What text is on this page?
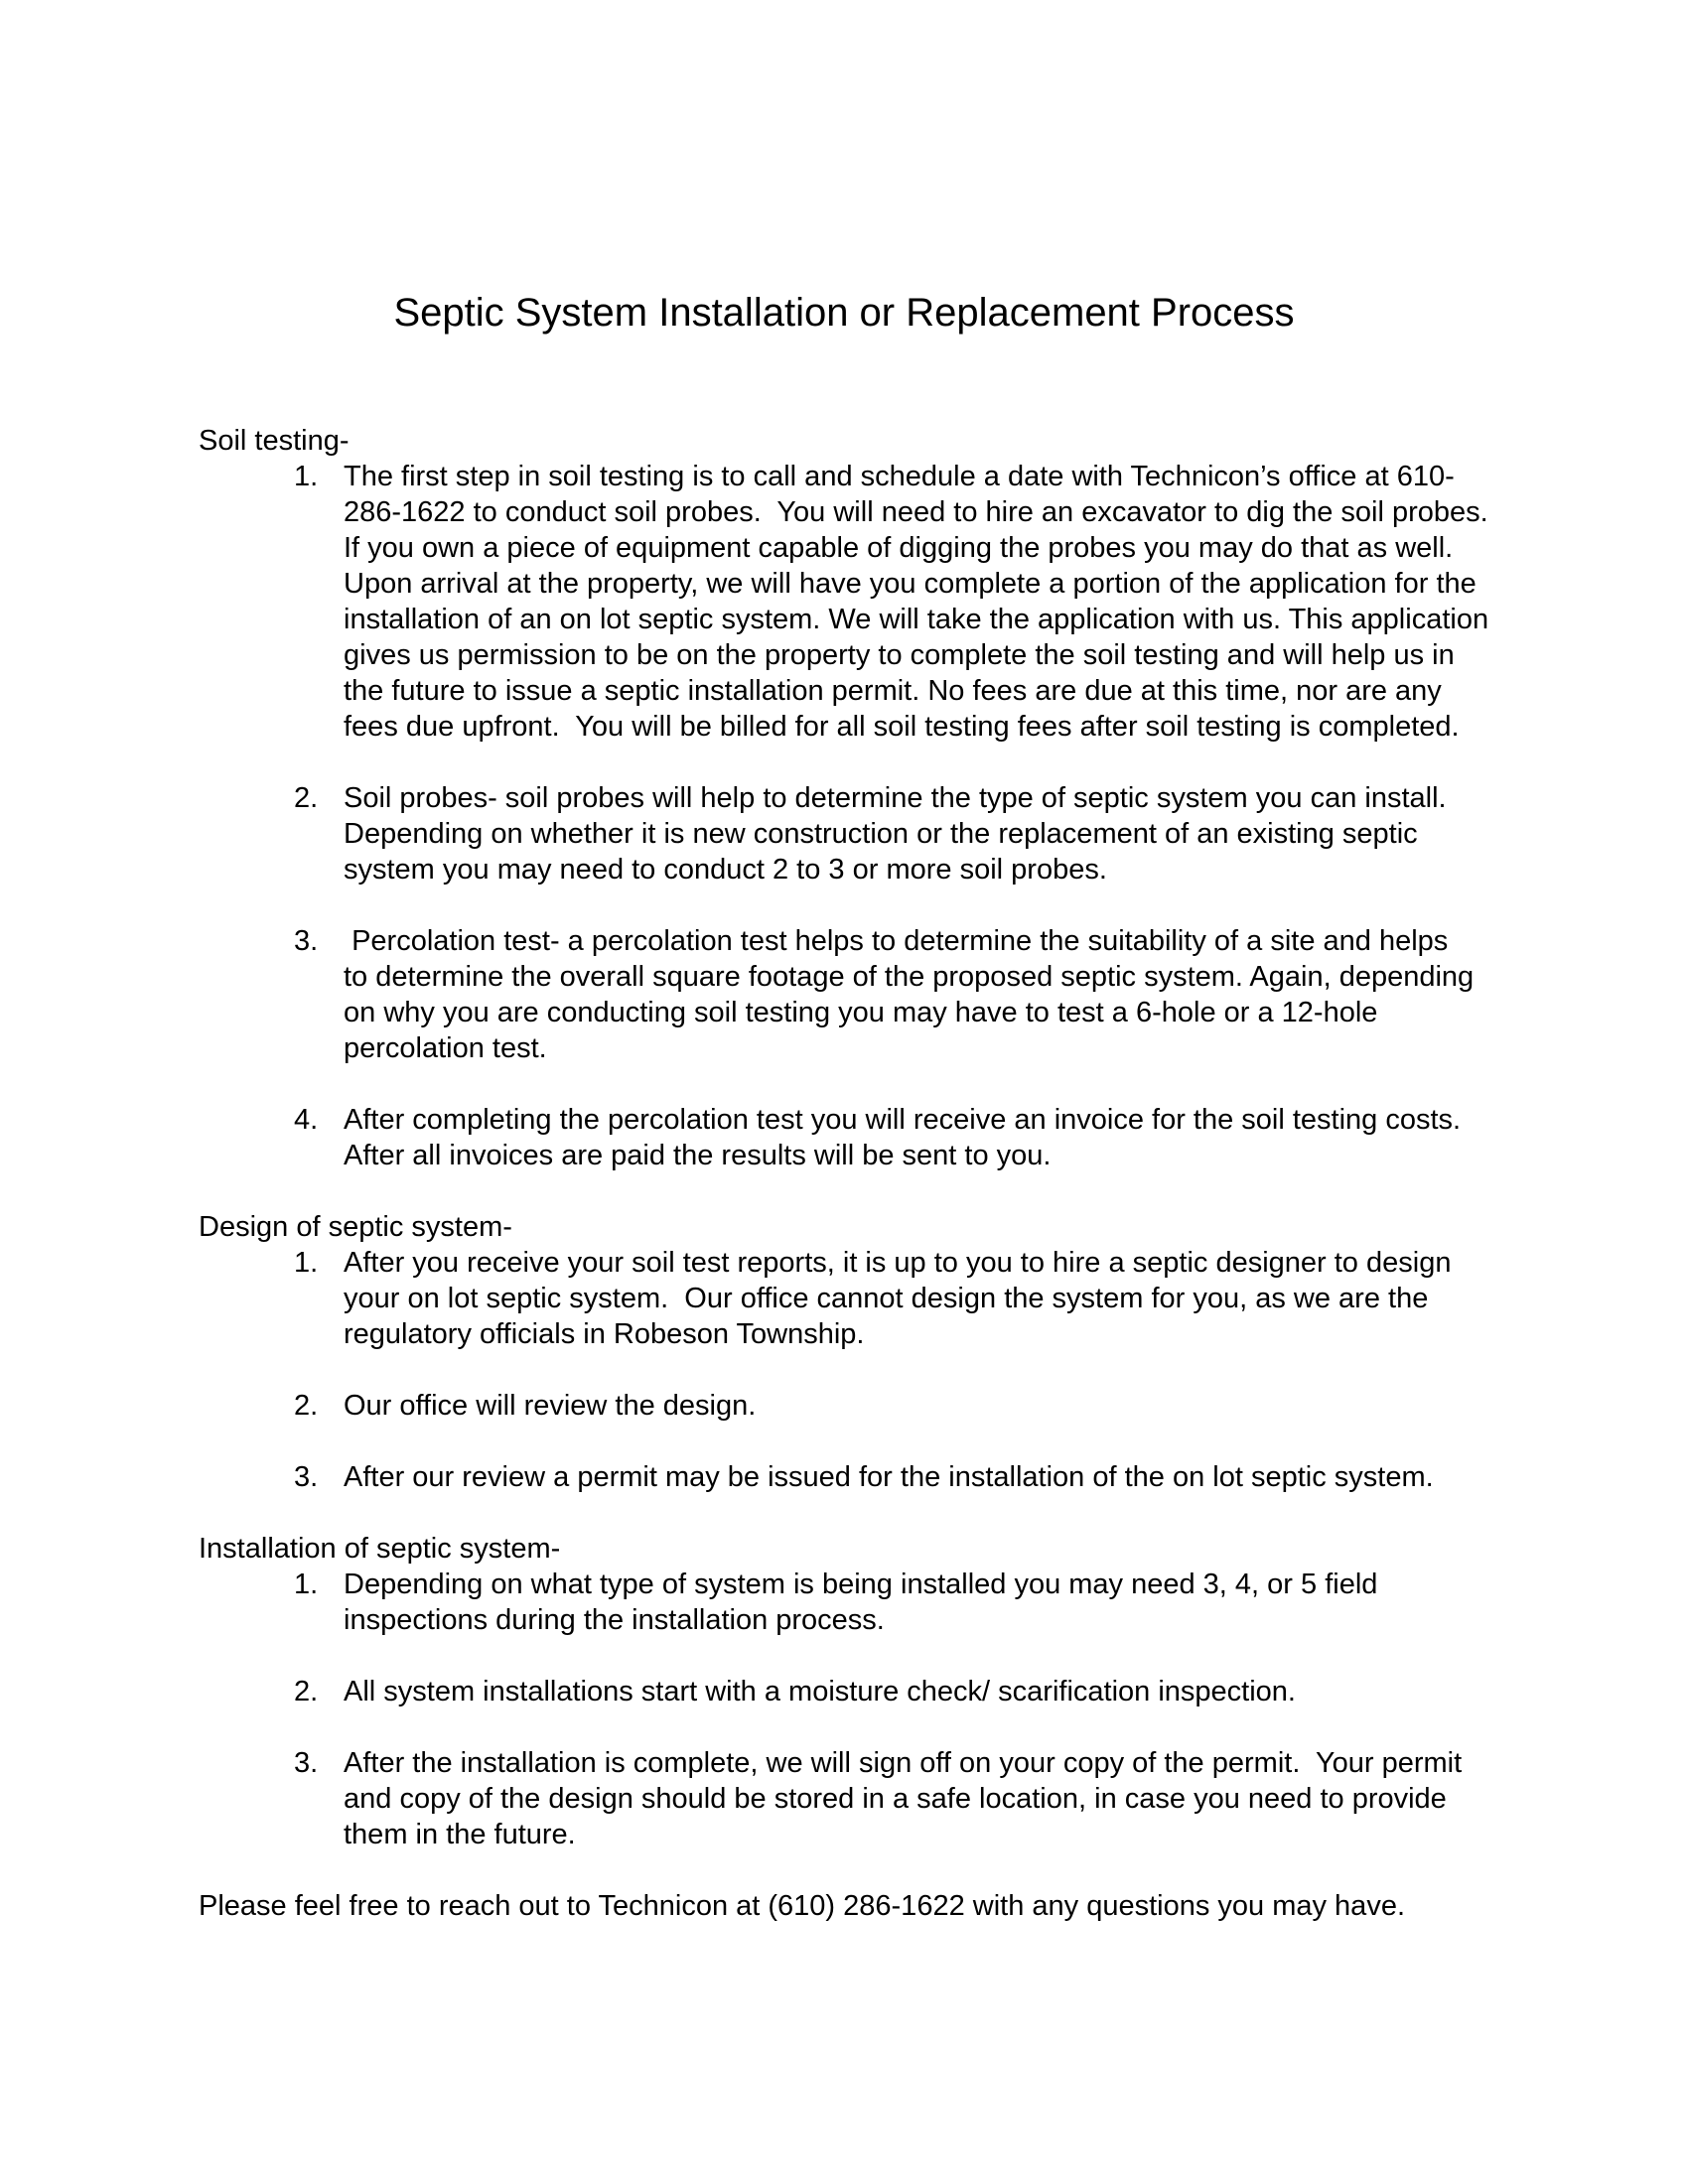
Septic System Installation or Replacement Process
Soil testing-
1. The first step in soil testing is to call and schedule a date with Technicon’s office at 610-286-1622 to conduct soil probes.  You will need to hire an excavator to dig the soil probes. If you own a piece of equipment capable of digging the probes you may do that as well.  Upon arrival at the property, we will have you complete a portion of the application for the installation of an on lot septic system. We will take the application with us. This application gives us permission to be on the property to complete the soil testing and will help us in the future to issue a septic installation permit. No fees are due at this time, nor are any fees due upfront.  You will be billed for all soil testing fees after soil testing is completed.
2. Soil probes- soil probes will help to determine the type of septic system you can install.  Depending on whether it is new construction or the replacement of an existing septic system you may need to conduct 2 to 3 or more soil probes.
3. Percolation test- a percolation test helps to determine the suitability of a site and helps   to determine the overall square footage of the proposed septic system. Again, depending on why you are conducting soil testing you may have to test a 6-hole or a 12-hole percolation test.
4. After completing the percolation test you will receive an invoice for the soil testing costs. After all invoices are paid the results will be sent to you.
Design of septic system-
1. After you receive your soil test reports, it is up to you to hire a septic designer to design your on lot septic system.  Our office cannot design the system for you, as we are the regulatory officials in Robeson Township.
2. Our office will review the design.
3. After our review a permit may be issued for the installation of the on lot septic system.
Installation of septic system-
1. Depending on what type of system is being installed you may need 3, 4, or 5 field inspections during the installation process.
2. All system installations start with a moisture check/ scarification inspection.
3. After the installation is complete, we will sign off on your copy of the permit.  Your permit and copy of the design should be stored in a safe location, in case you need to provide them in the future.

Please feel free to reach out to Technicon at (610) 286-1622 with any questions you may have.
